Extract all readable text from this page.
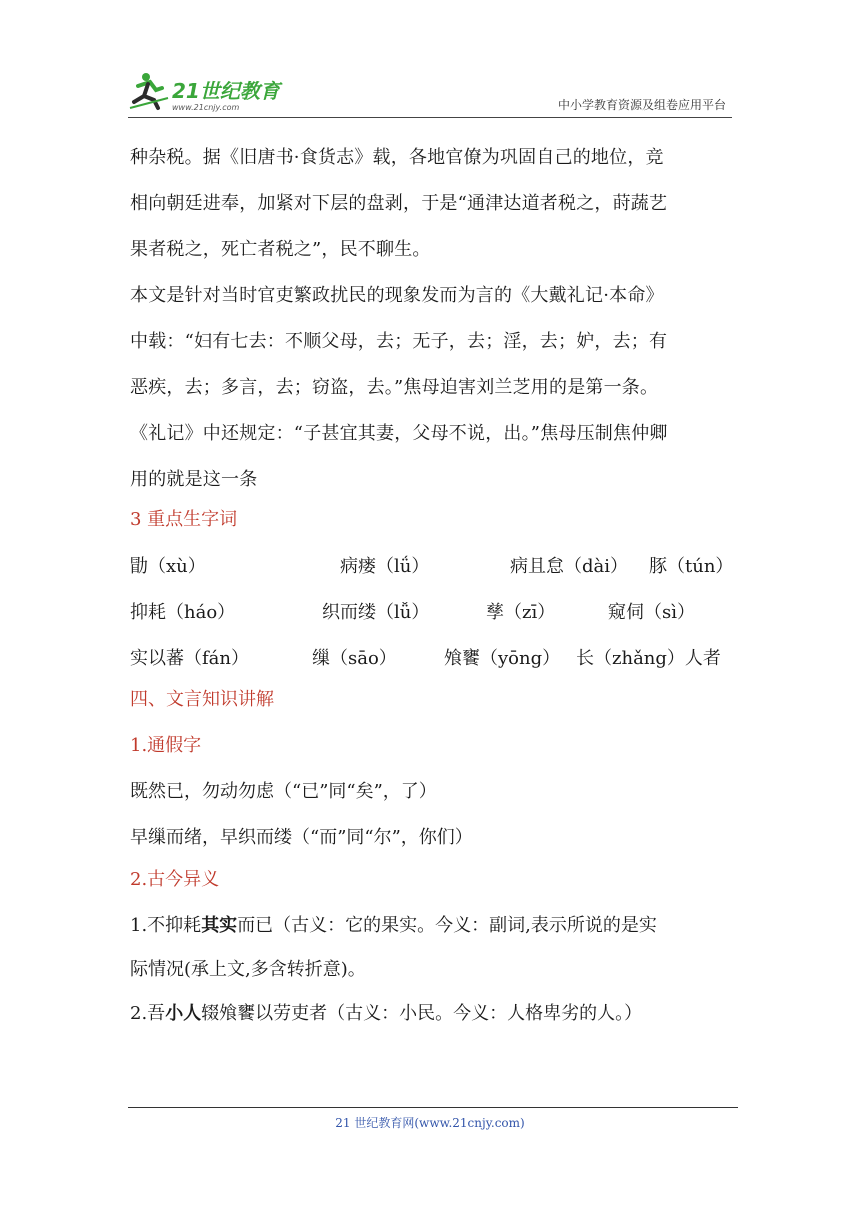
21世纪教育
www.21cnjy.com	中小学教育资源及组卷应用平台
种杂税。据《旧唐书·食货志》载，各地官僚为巩固自己的地位，竞
相向朝廷进奉，加紧对下层的盘剥，于是“通津达道者税之，莳蔬艺
果者税之，死亡者税之”，民不聊生。
本文是针对当时官吏繁政扰民的现象发而为言的《大戴礼记·本命》
中载：“妇有七去：不顺父母，去；无子，去；淫，去；妒，去；有
恶疾，去；多言，去；窃盗，去。”焦母迫害刘兰芝用的是第一条。
《礼记》中还规定：“子甚宜其妻，父母不说，出。”焦母压制焦仲卿
用的就是这一条
3 重点生字词
勖（xù）	病瘘（lǘ）	病且怠（dài） 豚（tún）
抑耗（háo）	织而缕（lǚ）	孳（zī）	窥伺（sì）
实以蕃（fán）	缫（sāo）	飧饔（yōng） 长（zhǎng）人者
四、文言知识讲解
1.通假字
既然已，勿动勿虑（“已”同“矣”，了）
早缫而绪，早织而缕（“而”同“尔”，你们）
2.古今异义
1.不抑耗其实而已（古义：它的果实。今义：副词,表示所说的是实
际情况(承上文,多含转折意)。
2.吾小人辍飧饔以劳吏者（古义：小民。今义：人格卑劣的人。）
21 世纪教育网(www.21cnjy.com)
